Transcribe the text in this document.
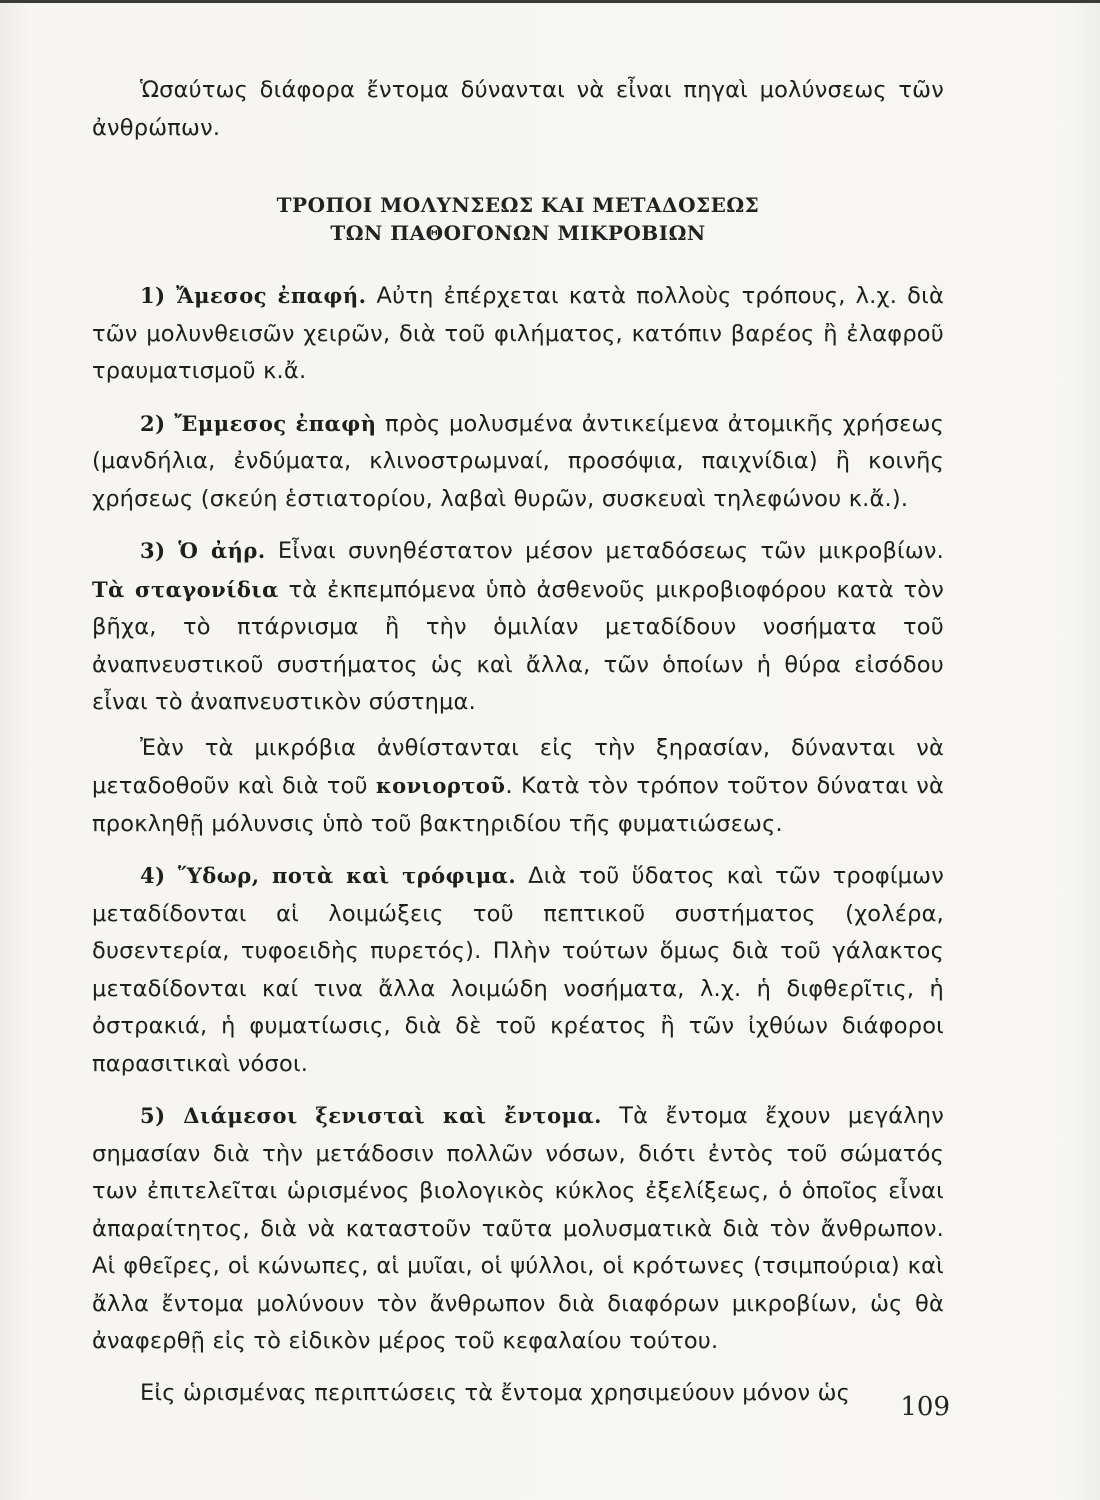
Ὡσαύτως διάφορα ἔντομα δύνανται νὰ εἶναι πηγαὶ μολύνσεως τῶν ἀνθρώπων.

ΤΡΟΠΟΙ ΜΟΛΥΝΣΕΩΣ ΚΑΙ ΜΕΤΑΔΟΣΕΩΣ
ΤΩΝ ΠΑΘΟΓΟΝΩΝ ΜΙΚΡΟΒΙΩΝ

1) Ἄμεσος ἐπαφή. Αὐτη ἐπέρχεται κατὰ πολλοὺς τρόπους, λ.χ. διὰ τῶν μολυνθεισῶν χειρῶν, διὰ τοῦ φιλήματος, κατόπιν βαρέος ἢ ἐλαφροῦ τραυματισμοῦ κ.ἄ.

2) Ἔμμεσος ἐπαφὴ πρὸς μολυσμένα ἀντικείμενα ἀτομικῆς χρήσεως (μανδήλια, ἐνδύματα, κλινοστρωμναί, προσόψια, παιχνίδια) ἢ κοινῆς χρήσεως (σκεύη ἑστιατορίου, λαβαὶ θυρῶν, συσκευαὶ τηλεφώνου κ.ἄ.).

3) Ὁ ἀήρ. Εἶναι συνηθέστατον μέσον μεταδόσεως τῶν μικροβίων. Τὰ σταγονίδια τὰ ἐκπεμπόμενα ὑπὸ ἀσθενοῦς μικροβιοφόρου κατὰ τὸν βῆχα, τὸ πτάρνισμα ἢ τὴν ὁμιλίαν μεταδίδουν νοσήματα τοῦ ἀναπνευστικοῦ συστήματος ὡς καὶ ἄλλα, τῶν ὁποίων ἡ θύρα εἰσόδου εἶναι τὸ ἀναπνευστικὸν σύστημα.

Ἐὰν τὰ μικρόβια ἀνθίστανται εἰς τὴν ξηρασίαν, δύνανται νὰ μεταδοθοῦν καὶ διὰ τοῦ κονιορτοῦ. Κατὰ τὸν τρόπον τοῦτον δύναται νὰ προκληθῇ μόλυνσις ὑπὸ τοῦ βακτηριδίου τῆς φυματιώσεως.

4) Ὕδωρ, ποτὰ καὶ τρόφιμα. Διὰ τοῦ ὕδατος καὶ τῶν τροφίμων μεταδίδονται αἱ λοιμώξεις τοῦ πεπτικοῦ συστήματος (χολέρα, δυσεντερία, τυφοειδὴς πυρετός). Πλὴν τούτων ὅμως διὰ τοῦ γάλακτος μεταδίδονται καί τινα ἄλλα λοιμώδη νοσήματα, λ.χ. ἡ διφθερῖτις, ἡ ὀστρακιά, ἡ φυματίωσις, διὰ δὲ τοῦ κρέατος ἢ τῶν ἰχθύων διάφοροι παρασιτικαὶ νόσοι.

5) Διάμεσοι ξενισταὶ καὶ ἔντομα. Τὰ ἔντομα ἔχουν μεγάλην σημασίαν διὰ τὴν μετάδοσιν πολλῶν νόσων, διότι ἐντὸς τοῦ σώματός των ἐπιτελεῖται ὡρισμένος βιολογικὸς κύκλος ἐξελίξεως, ὁ ὁποῖος εἶναι ἀπαραίτητος, διὰ νὰ καταστοῦν ταῦτα μολυσματικὰ διὰ τὸν ἄνθρωπον. Αἱ φθεῖρες, οἱ κώνωπες, αἱ μυῖαι, οἱ ψύλλοι, οἱ κρότωνες (τσιμπούρια) καὶ ἄλλα ἔντομα μολύνουν τὸν ἄνθρωπον διὰ διαφόρων μικροβίων, ὡς θὰ ἀναφερθῇ εἰς τὸ εἰδικὸν μέρος τοῦ κεφαλαίου τούτου.

Εἰς ὡρισμένας περιπτώσεις τὰ ἔντομα χρησιμεύουν μόνον ὡς	109
